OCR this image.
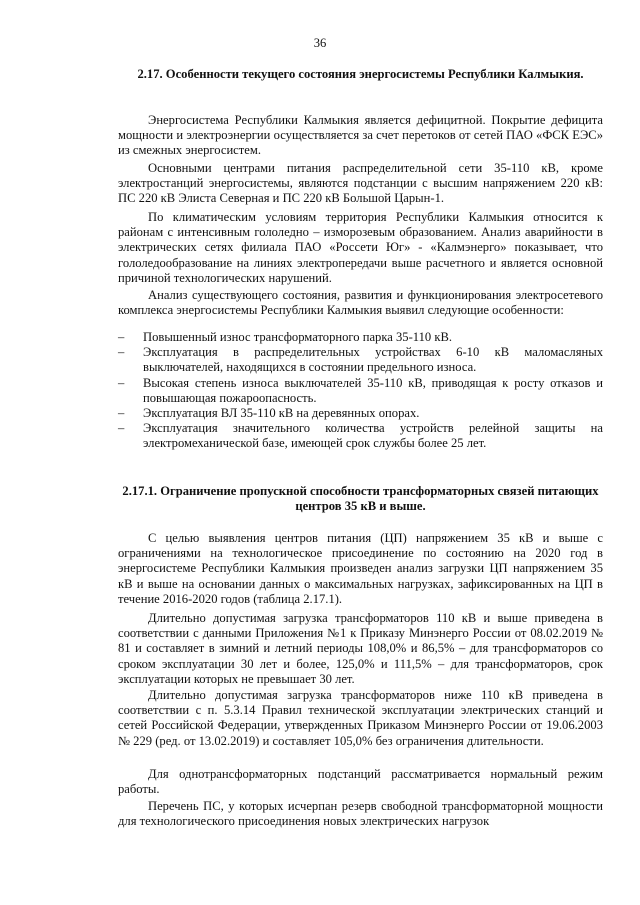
36
2.17. Особенности текущего состояния энергосистемы Республики Калмыкия.

Энергосистема Республики Калмыкия является дефицитной. Покрытие дефицита мощности и электроэнергии осуществляется за счет перетоков от сетей ПАО «ФСК ЕЭС» из смежных энергосистем.

Основными центрами питания распределительной сети 35-110 кВ, кроме электростанций энергосистемы, являются подстанции с высшим напряжением 220 кВ: ПС 220 кВ Элиста Северная и ПС 220 кВ Большой Царын-1.

По климатическим условиям территория Республики Калмыкия относится к районам с интенсивным гололедно – изморозевым образованием. Анализ аварийности в электрических сетях филиала ПАО «Россети Юг» - «Калмэнерго» показывает, что гололедообразование на линиях электропередачи выше расчетного и является основной причиной технологических нарушений.

Анализ существующего состояния, развития и функционирования электросетевого комплекса энергосистемы Республики Калмыкия выявил следующие особенности:

– Повышенный износ трансформаторного парка 35-110 кВ.
– Эксплуатация в распределительных устройствах 6-10 кВ маломасляных выключателей, находящихся в состоянии предельного износа.
– Высокая степень износа выключателей 35-110 кВ, приводящая к росту отказов и повышающая пожароопасность.
– Эксплуатация ВЛ 35-110 кВ на деревянных опорах.
– Эксплуатация значительного количества устройств релейной защиты на электромеханической базе, имеющей срок службы более 25 лет.
2.17.1. Ограничение пропускной способности трансформаторных связей питающих центров 35 кВ и выше.

С целью выявления центров питания (ЦП) напряжением 35 кВ и выше с ограничениями на технологическое присоединение по состоянию на 2020 год в энергосистеме Республики Калмыкия произведен анализ загрузки ЦП напряжением 35 кВ и выше на основании данных о максимальных нагрузках, зафиксированных на ЦП в течение 2016-2020 годов (таблица 2.17.1).

Длительно допустимая загрузка трансформаторов 110 кВ и выше приведена в соответствии с данными Приложения №1 к Приказу Минэнерго России от 08.02.2019 № 81 и составляет в зимний и летний периоды 108,0% и 86,5% – для трансформаторов со сроком эксплуатации 30 лет и более, 125,0% и 111,5% – для трансформаторов, срок эксплуатации которых не превышает 30 лет.

Длительно допустимая загрузка трансформаторов ниже 110 кВ приведена в соответствии с п. 5.3.14 Правил технической эксплуатации электрических станций и сетей Российской Федерации, утвержденных Приказом Минэнерго России от 19.06.2003 № 229 (ред. от 13.02.2019) и составляет 105,0% без ограничения длительности.

Для однотрансформаторных подстанций рассматривается нормальный режим работы.

Перечень ПС, у которых исчерпан резерв свободной трансформаторной мощности для технологического присоединения новых электрических нагрузок
